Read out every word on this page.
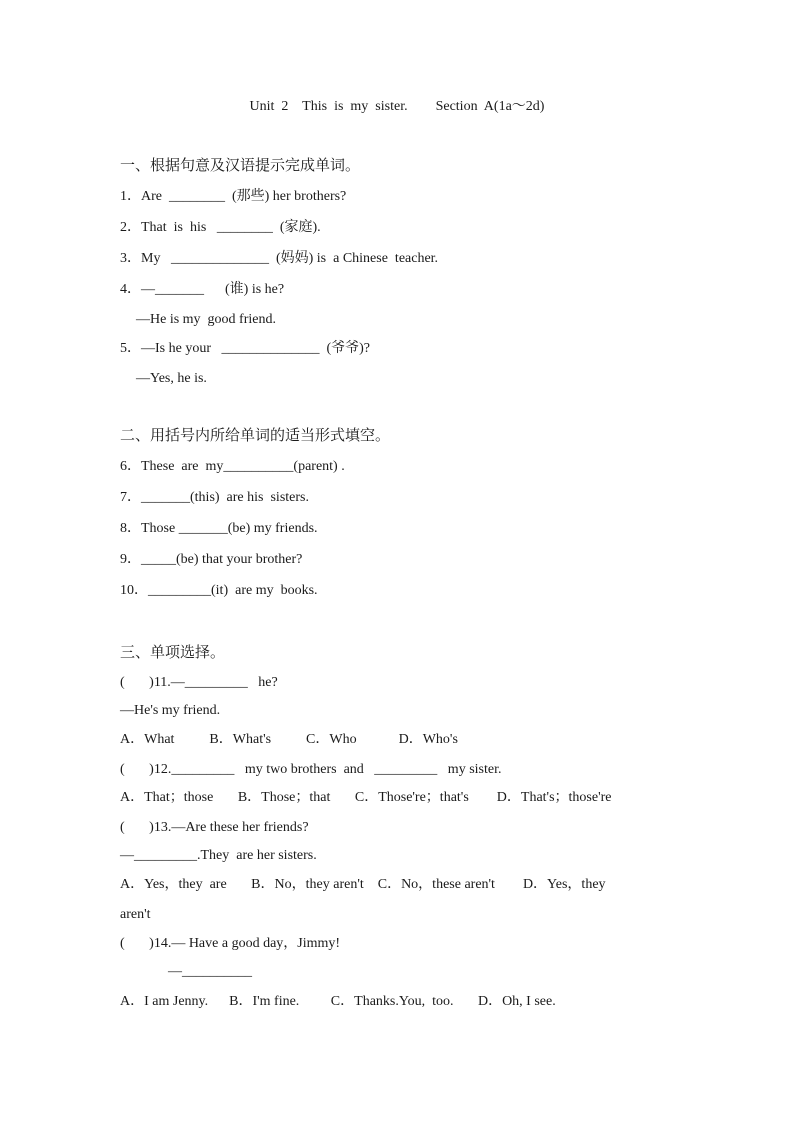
Unit  2    This  is  my  sister.        Section  A(1a～2d)
一、根据句意及汉语提示完成单词。
1．Are  ________  (那些) her brothers?
2．That  is  his   ________  (家庭).
3．My   ______________  (妈妈) is  a Chinese  teacher.
4．—_______      (谁) is he?
—He is my  good friend.
5．—Is he your   ______________  (爷爷)?
—Yes, he is.
二、用括号内所给单词的适当形式填空。
6．These  are  my__________(parent) .
7．_______(this)  are his  sisters.
8．Those _______(be) my friends.
9．_____(be) that your brother?
10．_________(it)  are my  books.
三、单项选择。
(       )11.—_________   he?
—He's my friend.
A．What          B．What's          C．Who            D．Who's
(       )12._________   my two brothers  and   _________   my sister.
A．That；those       B．Those；that       C．Those're；that's        D．That's；those're
(       )13.—Are these her friends?
—_________.They  are her sisters.
A．Yes，they  are       B．No，they aren't    C．No，these aren't        D．Yes，they
aren't
(       )14.— Have a good day，Jimmy!
—__________
A．I am Jenny.      B．I'm fine.         C．Thanks.You,  too.       D．Oh, I see.
